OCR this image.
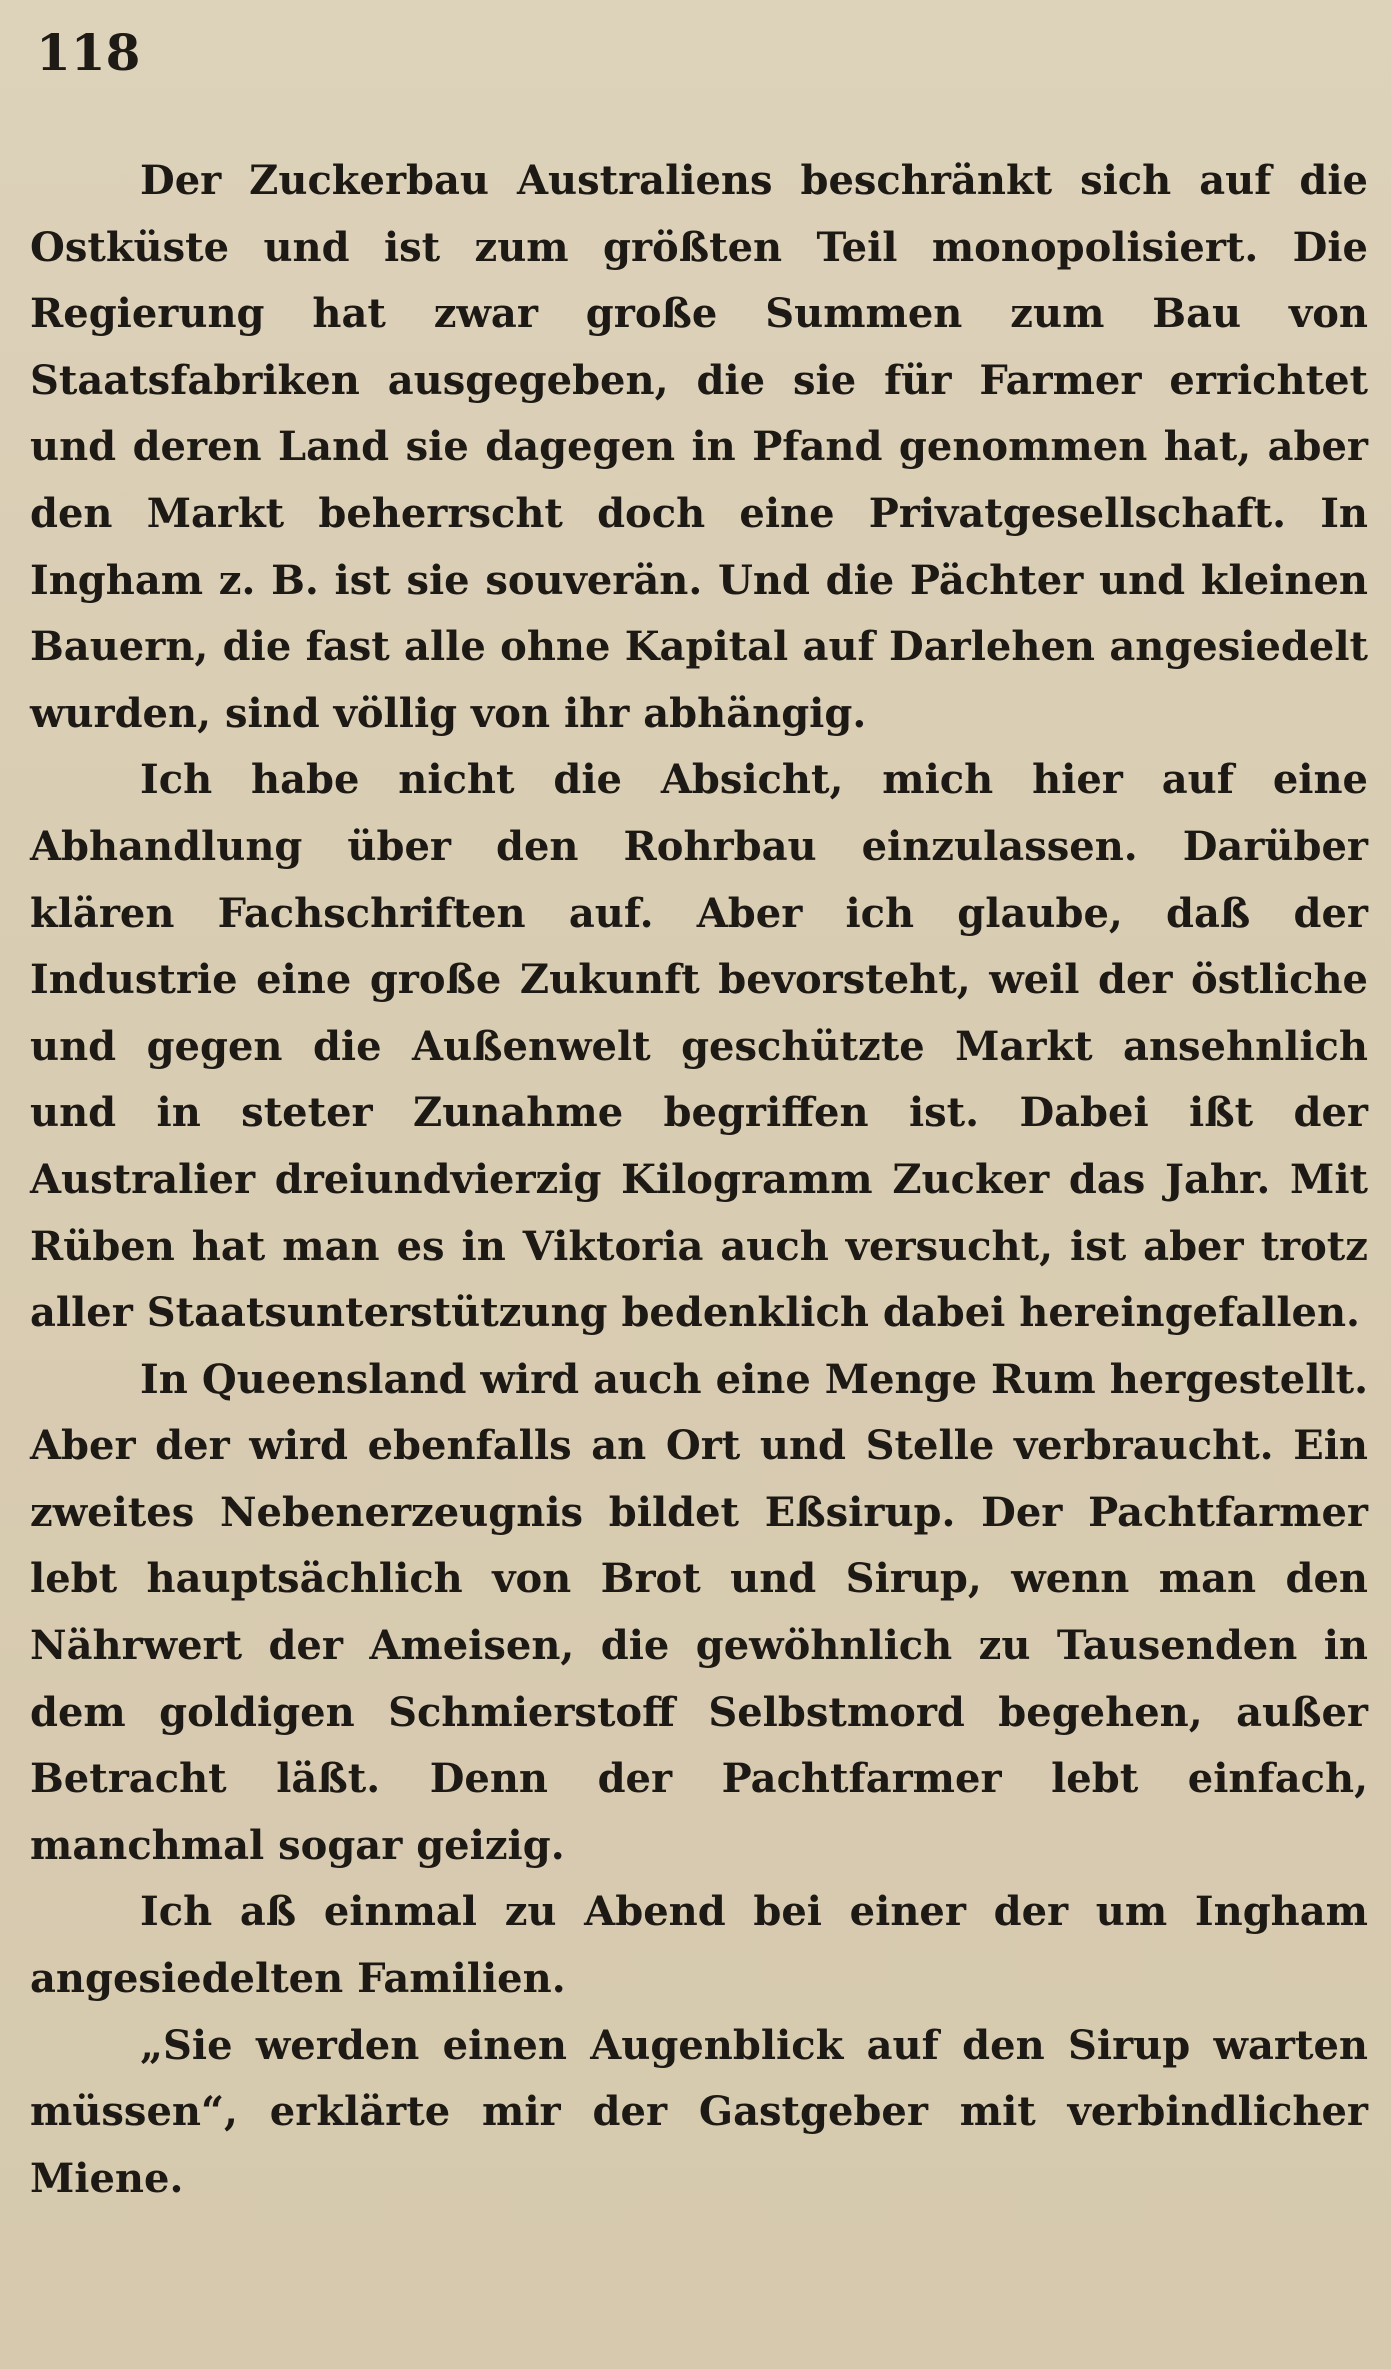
118

Der Zuckerbau Australiens beschränkt sich auf die Ostküste und ist zum größten Teil monopolisiert. Die Regierung hat zwar große Summen zum Bau von Staatsfabriken ausgegeben, die sie für Farmer errichtet und deren Land sie dagegen in Pfand genommen hat, aber den Markt beherrscht doch eine Privatgesellschaft. In Ingham z. B. ist sie souverän. Und die Pächter und kleinen Bauern, die fast alle ohne Kapital auf Darlehen angesiedelt wurden, sind völlig von ihr abhängig.

Ich habe nicht die Absicht, mich hier auf eine Abhandlung über den Rohrbau einzulassen. Darüber klären Fachschriften auf. Aber ich glaube, daß der Industrie eine große Zukunft bevorsteht, weil der östliche und gegen die Außenwelt geschützte Markt ansehnlich und in steter Zunahme begriffen ist. Dabei ißt der Australier dreiundvierzig Kilogramm Zucker das Jahr. Mit Rüben hat man es in Viktoria auch versucht, ist aber trotz aller Staatsunterstützung bedenklich dabei hereingefallen.

In Queensland wird auch eine Menge Rum hergestellt. Aber der wird ebenfalls an Ort und Stelle verbraucht. Ein zweites Nebenerzeugnis bildet Eßsirup. Der Pachtfarmer lebt hauptsächlich von Brot und Sirup, wenn man den Nährwert der Ameisen, die gewöhnlich zu Tausenden in dem goldigen Schmierstoff Selbstmord begehen, außer Betracht läßt. Denn der Pachtfarmer lebt einfach, manchmal sogar geizig.

Ich aß einmal zu Abend bei einer der um Ingham angesiedelten Familien.

„Sie werden einen Augenblick auf den Sirup warten müssen“, erklärte mir der Gastgeber mit verbindlicher Miene.
